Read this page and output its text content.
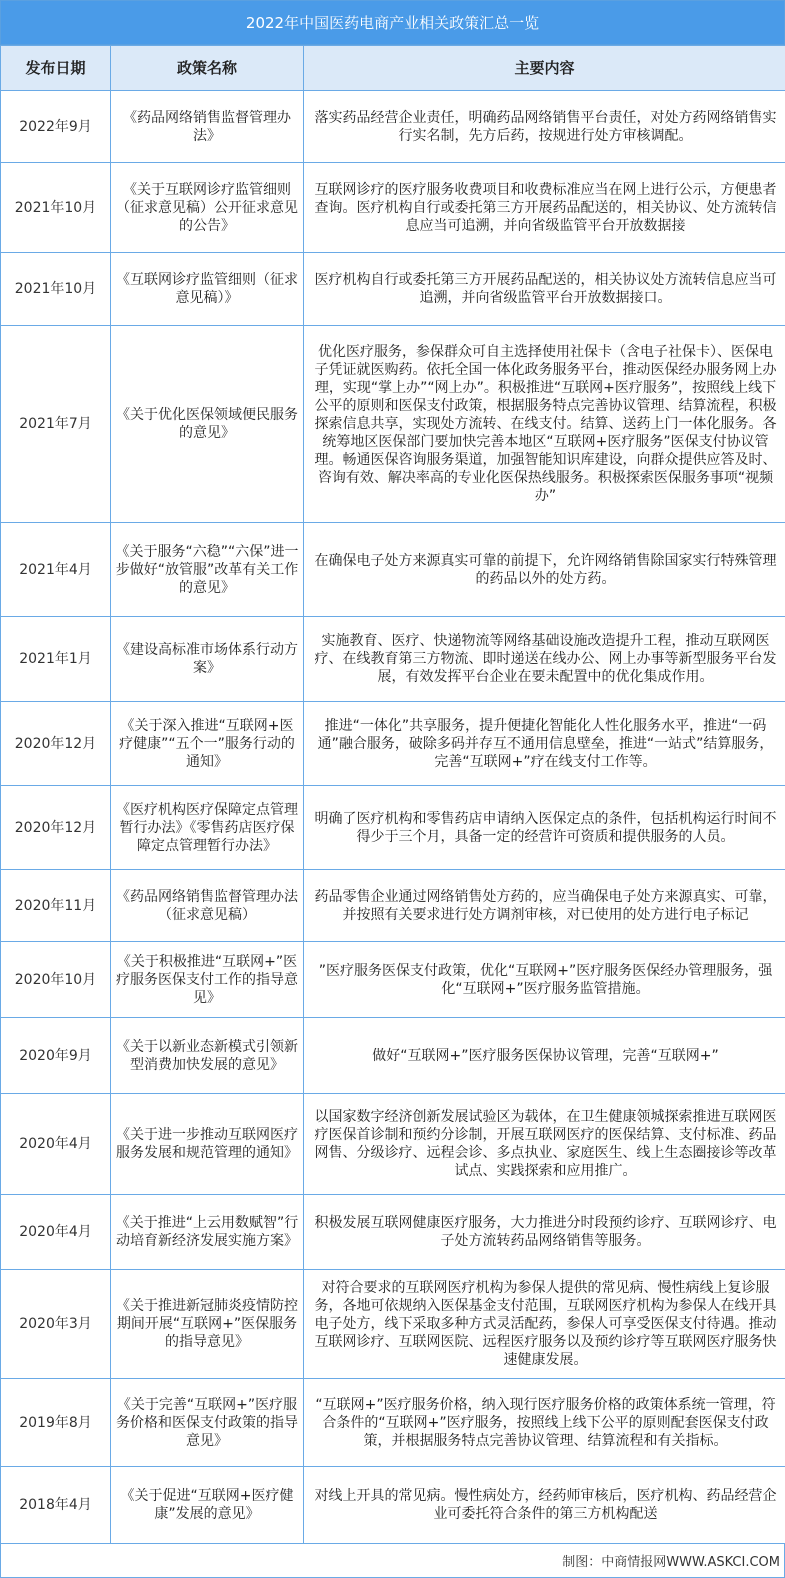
2022年中国医药电商产业相关政策汇总一览
发布日期	政策名称	主要内容
2022年9月	《药品网络销售监督管理办法》	落实药品经营企业责任，明确药品网络销售平台责任，对处方药网络销售实行实名制，先方后药，按规进行处方审核调配。
2021年10月	《关于互联网诊疗监管细则（征求意见稿）公开征求意见的公告》	互联网诊疗的医疗服务收费项目和收费标准应当在网上进行公示，方便患者查询。医疗机构自行或委托第三方开展药品配送的，相关协议、处方流转信息应当可追溯，并向省级监管平台开放数据接
2021年10月	《互联网诊疗监管细则（征求意见稿）》	医疗机构自行或委托第三方开展药品配送的，相关协议处方流转信息应当可追溯，并向省级监管平台开放数据接口。
2021年7月	《关于优化医保领域便民服务的意见》	优化医疗服务，参保群众可自主选择使用社保卡（含电子社保卡）、医保电子凭证就医购药。依托全国一体化政务服务平台，推动医保经办服务网上办理，实现“掌上办”“网上办”。积极推进“互联网+医疗服务”，按照线上线下公平的原则和医保支付政策，根据服务特点完善协议管理、结算流程，积极探索信息共享，实现处方流转、在线支付。结算、送药上门一体化服务。各统筹地区医保部门要加快完善本地区“互联网+医疗服务”医保支付协议管理。畅通医保咨询服务渠道，加强智能知识库建设，向群众提供应答及时、咨询有效、解决率高的专业化医保热线服务。积极探索医保服务事项“视频办”
2021年4月	《关于服务“六稳”“六保”进一步做好“放管服”改革有关工作的意见》	在确保电子处方来源真实可靠的前提下，允许网络销售除国家实行特殊管理的药品以外的处方药。
2021年1月	《建设高标准市场体系行动方案》	实施教育、医疗、快递物流等网络基础设施改造提升工程，推动互联网医疗、在线教育第三方物流、即时递送在线办公、网上办事等新型服务平台发展，有效发挥平台企业在要未配置中的优化集成作用。
2020年12月	《关于深入推进“互联网+医疗健康”“五个一”服务行动的通知》	推进“一体化”共享服务，提升便捷化智能化人性化服务水平，推进“一码通”融合服务，破除多码并存互不通用信息壁垒，推进“一站式”结算服务，完善“互联网+”疗在线支付工作等。
2020年12月	《医疗机构医疗保障定点管理暂行办法》《零售药店医疗保障定点管理暂行办法》	明确了医疗机构和零售药店申请纳入医保定点的条件，包括机构运行时间不得少于三个月，具备一定的经营许可资质和提供服务的人员。
2020年11月	《药品网络销售监督管理办法（征求意见稿）	药品零售企业通过网络销售处方药的，应当确保电子处方来源真实、可靠，并按照有关要求进行处方调剂审核，对已使用的处方进行电子标记
2020年10月	《关于积极推进“互联网+”医疗服务医保支付工作的指导意见》	”医疗服务医保支付政策，优化“互联网+”医疗服务医保经办管理服务，强化“互联网+”医疗服务监管措施。
2020年9月	《关于以新业态新模式引领新型消费加快发展的意见》	做好“互联网+”医疗服务医保协议管理，完善“互联网+”
2020年4月	《关于进一步推动互联网医疗服务发展和规范管理的通知》	以国家数字经济创新发展试验区为载体，在卫生健康领城探索推进互联网医疗医保首诊制和预约分诊制，开展互联网医疗的医保结算、支付标准、药品网售、分级诊疗、远程会诊、多点执业、家庭医生、线上生态圈接诊等改革试点、实践探索和应用推广。
2020年4月	《关于推进“上云用数赋智”行动培育新经济发展实施方案》	积极发展互联网健康医疗服务，大力推进分时段预约诊疗、互联网诊疗、电子处方流转药品网络销售等服务。
2020年3月	《关于推进新冠肺炎疫情防控期间开展“互联网+”医保服务的指导意见》	对符合要求的互联网医疗机构为参保人提供的常见病、慢性病线上复诊服务，各地可依规纳入医保基金支付范围，互联网医疗机构为参保人在线开具电子处方，线下采取多种方式灵活配药，参保人可享受医保支付待遇。推动互联网诊疗、互联网医院、远程医疗服务以及预约诊疗等互联网医疗服务快速健康发展。
2019年8月	《关于完善“互联网+”医疗服务价格和医保支付政策的指导意见》	“互联网+”医疗服务价格，纳入现行医疗服务价格的政策体系统一管理，符合条件的“互联网+”医疗服务，按照线上线下公平的原则配套医保支付政策，并根据服务特点完善协议管理、结算流程和有关指标。
2018年4月	《关于促进“互联网+医疗健康”发展的意见》	对线上开具的常见病。慢性病处方，经药师审核后，医疗机构、药品经营企业可委托符合条件的第三方机构配送
制图：中商情报网WWW.ASKCI.COM
